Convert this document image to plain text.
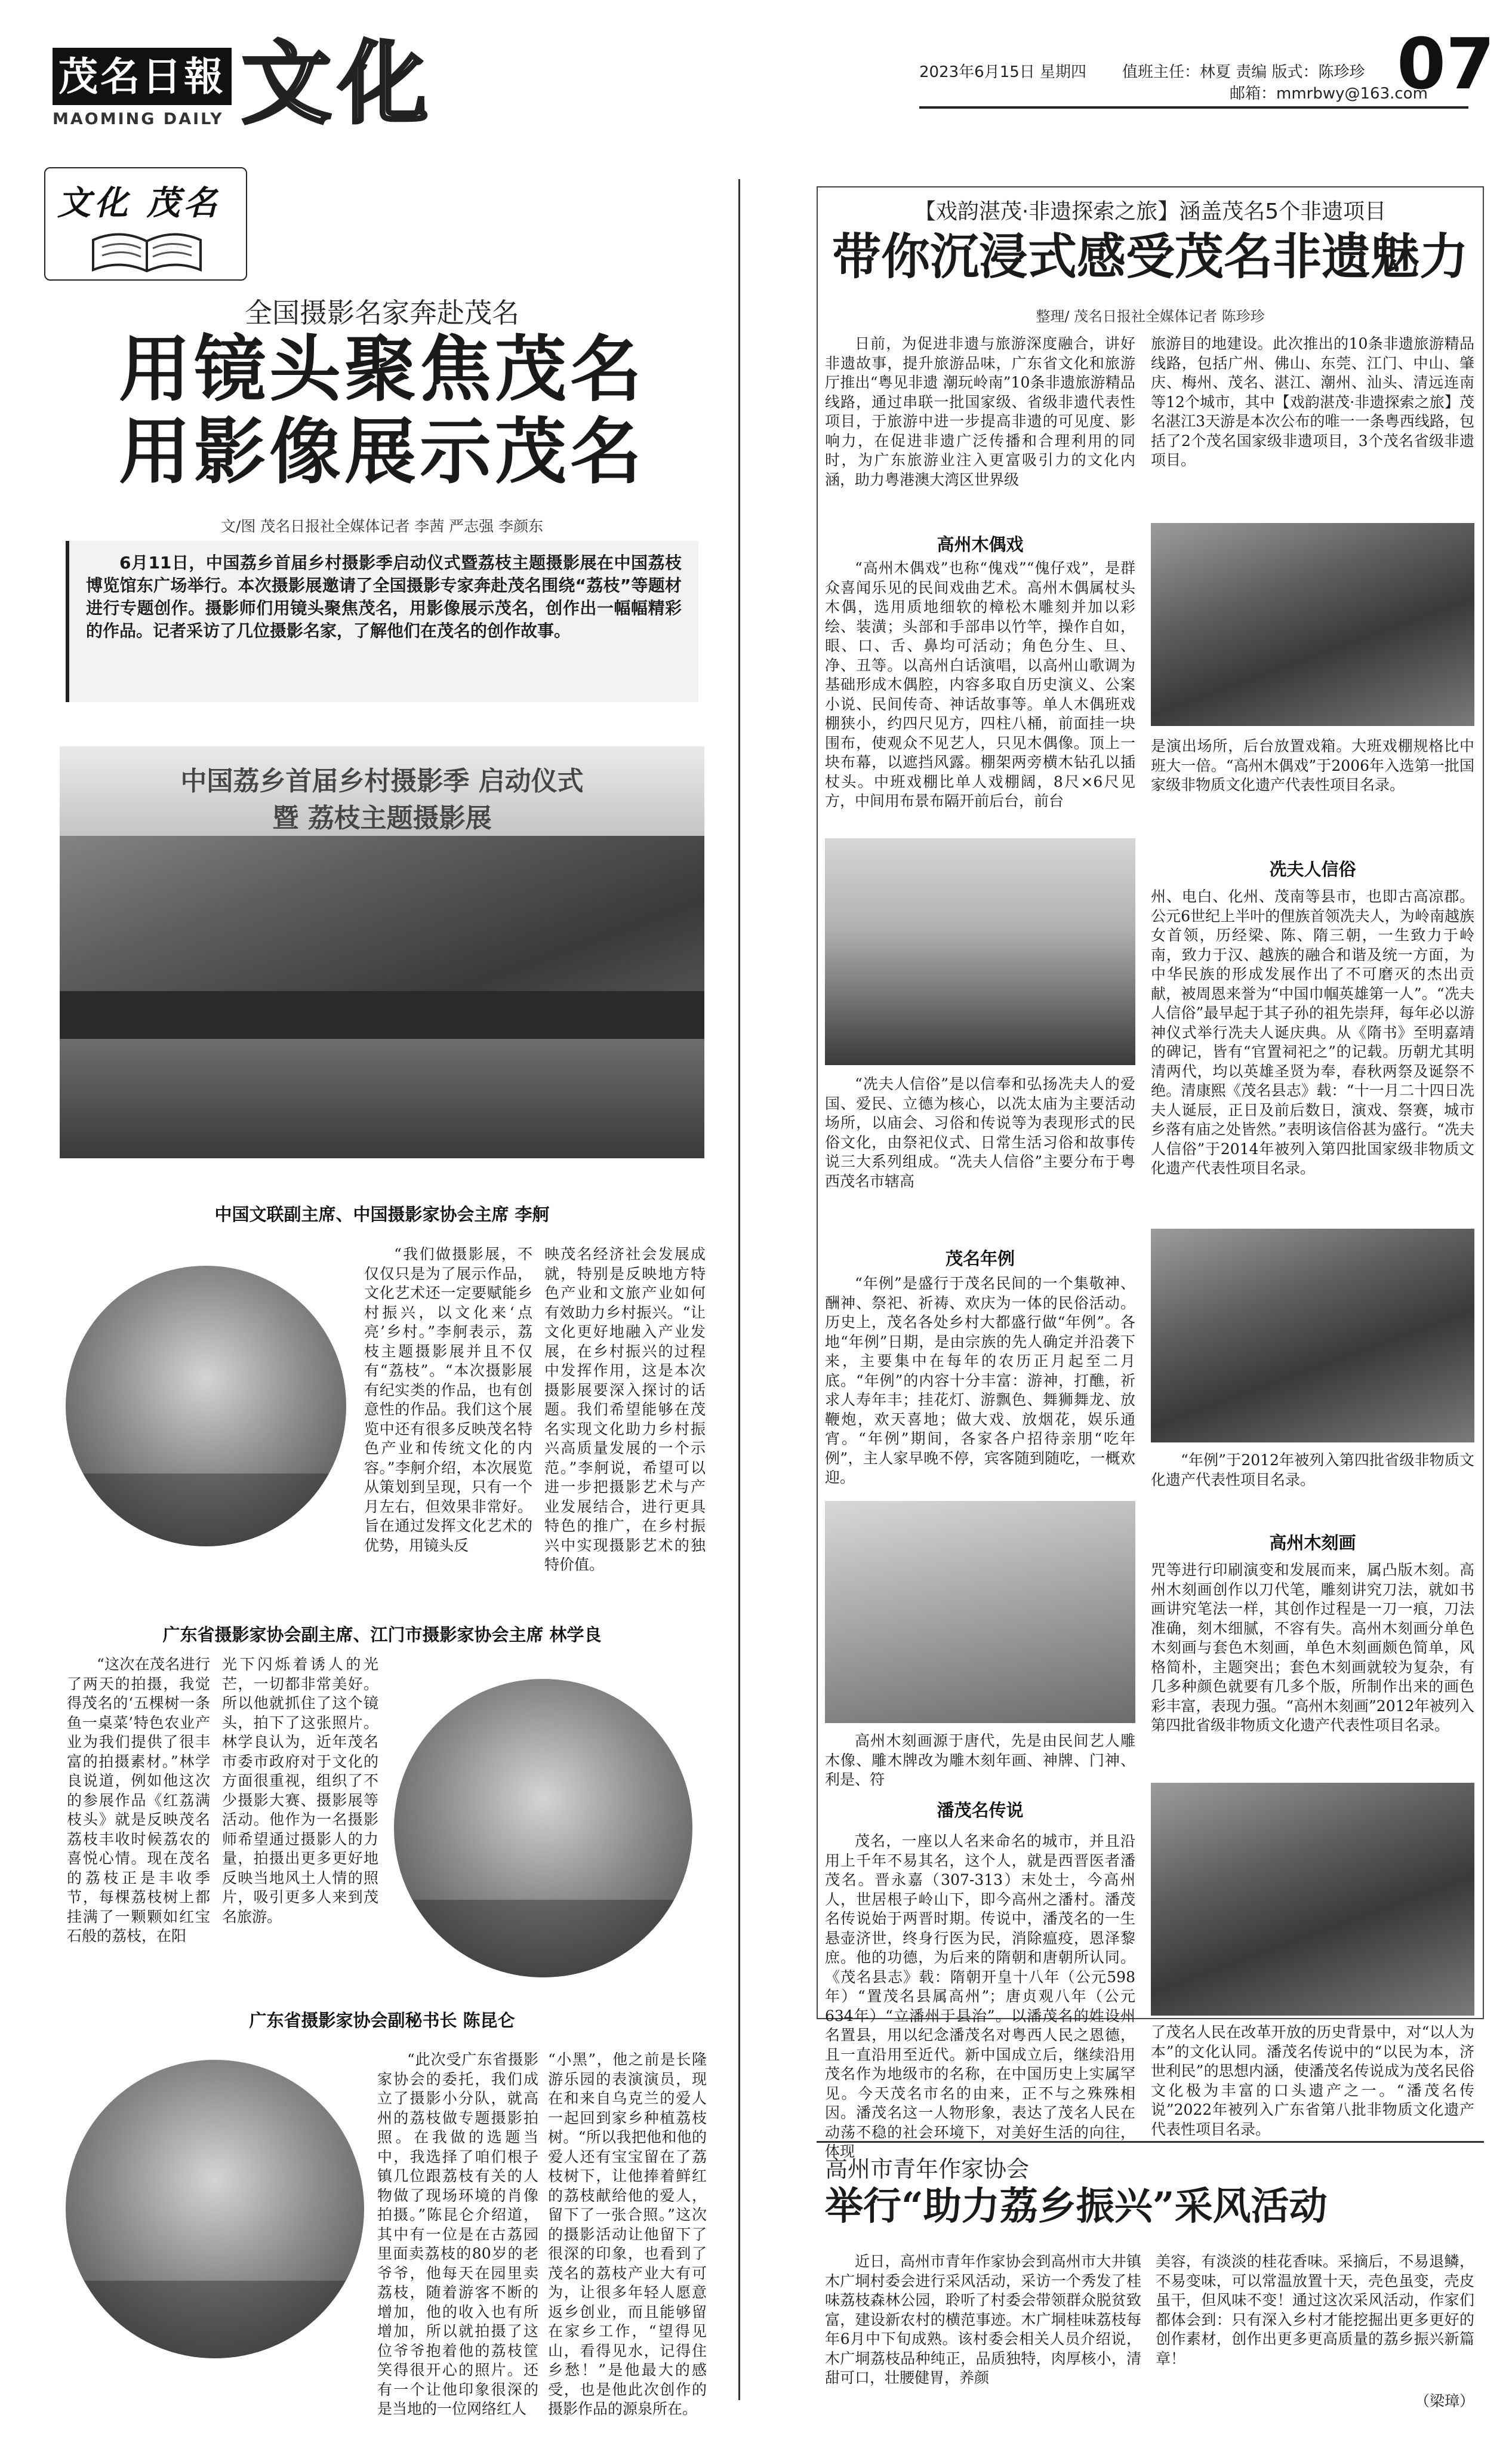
茂名日報
MAOMING DAILY 文化	2023年6月15日 星期四 值班主任：林夏 责编 版式：陈珍珍
邮箱：mmrbwy@163.com
07
文化 茂名
全国摄影名家奔赴茂名
用镜头聚焦茂名
用影像展示茂名
文/图 茂名日报社全媒体记者 李茜 严志强 李颜东

6月11日，中国荔乡首届乡村摄影季启动仪式暨荔枝主题摄影展在中国荔枝博览馆东广场举行。本次摄影展邀请了全国摄影专家奔赴茂名围绕“荔枝”等题材进行专题创作。摄影师们用镜头聚焦茂名，用影像展示茂名，创作出一幅幅精彩的作品。记者采访了几位摄影名家，了解他们在茂名的创作故事。

中国荔乡首届乡村摄影季 启动仪式
暨 荔枝主题摄影展
中国文联副主席、中国摄影家协会主席 李舸

“我们做摄影展，不仅仅只是为了展示作品，文化艺术还一定要赋能乡村振兴，以文化来‘点亮’乡村。”李舸表示，荔枝主题摄影展并且不仅有“荔枝”。“本次摄影展有纪实类的作品，也有创意性的作品。我们这个展览中还有很多反映茂名特色产业和传统文化的内容。”李舸介绍，本次展览从策划到呈现，只有一个月左右，但效果非常好。旨在通过发挥文化艺术的优势，用镜头反

映茂名经济社会发展成就，特别是反映地方特色产业和文旅产业如何有效助力乡村振兴。“让文化更好地融入产业发展，在乡村振兴的过程中发挥作用，这是本次摄影展要深入探讨的话题。我们希望能够在茂名实现文化助力乡村振兴高质量发展的一个示范。”李舸说，希望可以进一步把摄影艺术与产业发展结合，进行更具特色的推广，在乡村振兴中实现摄影艺术的独特价值。

广东省摄影家协会副主席、江门市摄影家协会主席 林学良

“这次在茂名进行了两天的拍摄，我觉得茂名的‘五棵树一条鱼一桌菜’特色农业产业为我们提供了很丰富的拍摄素材。”林学良说道，例如他这次的参展作品《红荔满枝头》就是反映茂名荔枝丰收时候荔农的喜悦心情。现在茂名的荔枝正是丰收季节，每棵荔枝树上都挂满了一颗颗如红宝石般的荔枝，在阳

光下闪烁着诱人的光芒，一切都非常美好。所以他就抓住了这个镜头，拍下了这张照片。林学良认为，近年茂名市委市政府对于文化的方面很重视，组织了不少摄影大赛、摄影展等活动。他作为一名摄影师希望通过摄影人的力量，拍摄出更多更好地反映当地风土人情的照片，吸引更多人来到茂名旅游。

广东省摄影家协会副秘书长 陈昆仑

“此次受广东省摄影家协会的委托，我们成立了摄影小分队，就高州的荔枝做专题摄影拍照。在我做的选题当中，我选择了咱们根子镇几位跟荔枝有关的人物做了现场环境的肖像拍摄。”陈昆仑介绍道，其中有一位是在古荔园里面卖荔枝的80岁的老爷爷，他每天在园里卖荔枝，随着游客不断的增加，他的收入也有所增加，所以就拍摄了这位爷爷抱着他的荔枝筐笑得很开心的照片。还有一个让他印象很深的是当地的一位网络红人

“小黑”，他之前是长隆游乐园的表演演员，现在和来自乌克兰的爱人一起回到家乡种植荔枝树。“所以我把他和他的爱人还有宝宝留在了荔枝树下，让他捧着鲜红的荔枝献给他的爱人，留下了一张合照。”这次的摄影活动让他留下了很深的印象，也看到了茂名的荔枝产业大有可为，让很多年轻人愿意返乡创业，而且能够留在家乡工作，“望得见山，看得见水，记得住乡愁！”是他最大的感受，也是他此次创作的摄影作品的源泉所在。

【戏韵湛茂·非遗探索之旅】涵盖茂名5个非遗项目
带你沉浸式感受茂名非遗魅力
整理/ 茂名日报社全媒体记者 陈珍珍

日前，为促进非遗与旅游深度融合，讲好非遗故事，提升旅游品味，广东省文化和旅游厅推出“粤见非遗 潮玩岭南”10条非遗旅游精品线路，通过串联一批国家级、省级非遗代表性项目，于旅游中进一步提高非遗的可见度、影响力，在促进非遗广泛传播和合理利用的同时，为广东旅游业注入更富吸引力的文化内涵，助力粤港澳大湾区世界级

旅游目的地建设。此次推出的10条非遗旅游精品线路，包括广州、佛山、东莞、江门、中山、肇庆、梅州、茂名、湛江、潮州、汕头、清远连南等12个城市，其中【戏韵湛茂·非遗探索之旅】茂名湛江3天游是本次公布的唯一一条粤西线路，包括了2个茂名国家级非遗项目，3个茂名省级非遗项目。

高州木偶戏

“高州木偶戏”也称“傀戏”“傀仔戏”，是群众喜闻乐见的民间戏曲艺术。高州木偶属杖头木偶，选用质地细软的樟松木雕刻并加以彩绘、装潢；头部和手部串以竹竿，操作自如，眼、口、舌、鼻均可活动；角色分生、旦、净、丑等。以高州白话演唱，以高州山歌调为基础形成木偶腔，内容多取自历史演义、公案小说、民间传奇、神话故事等。单人木偶班戏棚狭小，约四尺见方，四柱八桶，前面挂一块围布，使观众不见艺人，只见木偶像。顶上一块布幕，以遮挡风露。棚架两旁横木钻孔以插杖头。中班戏棚比单人戏棚阔，8尺×6尺见方，中间用布景布隔开前后台，前台

是演出场所，后台放置戏箱。大班戏棚规格比中班大一倍。“高州木偶戏”于2006年入选第一批国家级非物质文化遗产代表性项目名录。

“冼夫人信俗”是以信奉和弘扬冼夫人的爱国、爱民、立德为核心，以冼太庙为主要活动场所，以庙会、习俗和传说等为表现形式的民俗文化，由祭祀仪式、日常生活习俗和故事传说三大系列组成。“冼夫人信俗”主要分布于粤西茂名市辖高

冼夫人信俗

州、电白、化州、茂南等县市，也即古高凉郡。公元6世纪上半叶的俚族首领冼夫人，为岭南越族女首领，历经梁、陈、隋三朝，一生致力于岭南，致力于汉、越族的融合和谐及统一方面，为中华民族的形成发展作出了不可磨灭的杰出贡献，被周恩来誉为“中国巾帼英雄第一人”。“冼夫人信俗”最早起于其子孙的祖先崇拜，每年必以游神仪式举行冼夫人诞庆典。从《隋书》至明嘉靖的碑记，皆有“官置祠祀之”的记载。历朝尤其明清两代，均以英雄圣贤为奉，春秋两祭及诞祭不绝。清康熙《茂名县志》载：“十一月二十四日冼夫人诞辰，正日及前后数日，演戏、祭赛，城市乡落有庙之处皆然。”表明该信俗甚为盛行。“冼夫人信俗”于2014年被列入第四批国家级非物质文化遗产代表性项目名录。

茂名年例

“年例”是盛行于茂名民间的一个集敬神、酬神、祭祀、祈祷、欢庆为一体的民俗活动。历史上，茂名各处乡村大都盛行做“年例”。各地“年例”日期，是由宗族的先人确定并沿袭下来，主要集中在每年的农历正月起至二月底。“年例”的内容十分丰富：游神，打醮，祈求人寿年丰；挂花灯、游飘色、舞狮舞龙、放鞭炮，欢天喜地；做大戏、放烟花，娱乐通宵。“年例”期间，各家各户招待亲朋“吃年例”，主人家早晚不停，宾客随到随吃，一概欢迎。

“年例”于2012年被列入第四批省级非物质文化遗产代表性项目名录。

高州木刻画源于唐代，先是由民间艺人雕木像、雕木牌改为雕木刻年画、神牌、门神、利是、符

高州木刻画

咒等进行印刷演变和发展而来，属凸版木刻。高州木刻画创作以刀代笔，雕刻讲究刀法，就如书画讲究笔法一样，其创作过程是一刀一痕，刀法准确，刻木细腻，不容有失。高州木刻画分单色木刻画与套色木刻画，单色木刻画颇色简单，风格简朴，主题突出；套色木刻画就较为复杂，有几多种颜色就要有几多个版，所制作出来的画色彩丰富，表现力强。“高州木刻画”2012年被列入第四批省级非物质文化遗产代表性项目名录。

潘茂名传说

茂名，一座以人名来命名的城市，并且沿用上千年不易其名，这个人，就是西晋医者潘茂名。晋永嘉（307-313）末处士，今高州人，世居根子岭山下，即今高州之潘村。潘茂名传说始于两晋时期。传说中，潘茂名的一生悬壶济世，终身行医为民，消除瘟疫，恩泽黎庶。他的功德，为后来的隋朝和唐朝所认同。《茂名县志》载：隋朝开皇十八年（公元598年）“置茂名县属高州”；唐贞观八年（公元634年）“立潘州于县治”。以潘茂名的姓设州名置县，用以纪念潘茂名对粤西人民之恩德，且一直沿用至近代。新中国成立后，继续沿用茂名作为地级市的名称，在中国历史上实属罕见。今天茂名市名的由来，正不与之殊殊相因。潘茂名这一人物形象，表达了茂名人民在动荡不稳的社会环境下，对美好生活的向往，体现

了茂名人民在改革开放的历史背景中，对“以人为本”的文化认同。潘茂名传说中的“以民为本，济世利民”的思想内涵，使潘茂名传说成为茂名民俗文化极为丰富的口头遗产之一。“潘茂名传说”2022年被列入广东省第八批非物质文化遗产代表性项目名录。

高州市青年作家协会
举行“助力荔乡振兴”采风活动

近日，高州市青年作家协会到高州市大井镇木广垌村委会进行采风活动，采访一个秀发了桂味荔枝森林公园，聆听了村委会带领群众脱贫致富，建设新农村的横范事迹。木广垌桂味荔枝每年6月中下旬成熟。该村委会相关人员介绍说，木广垌荔枝品种纯正，品质独特，肉厚核小，清甜可口，壮腰健胃，养颜

美容，有淡淡的桂花香味。采摘后，不易退鳞，不易变味，可以常温放置十天，壳色虽变，壳皮虽干，但风味不变！通过这次采风活动，作家们都体会到：只有深入乡村才能挖掘出更多更好的创作素材，创作出更多更高质量的荔乡振兴新篇章！

（梁璋）
